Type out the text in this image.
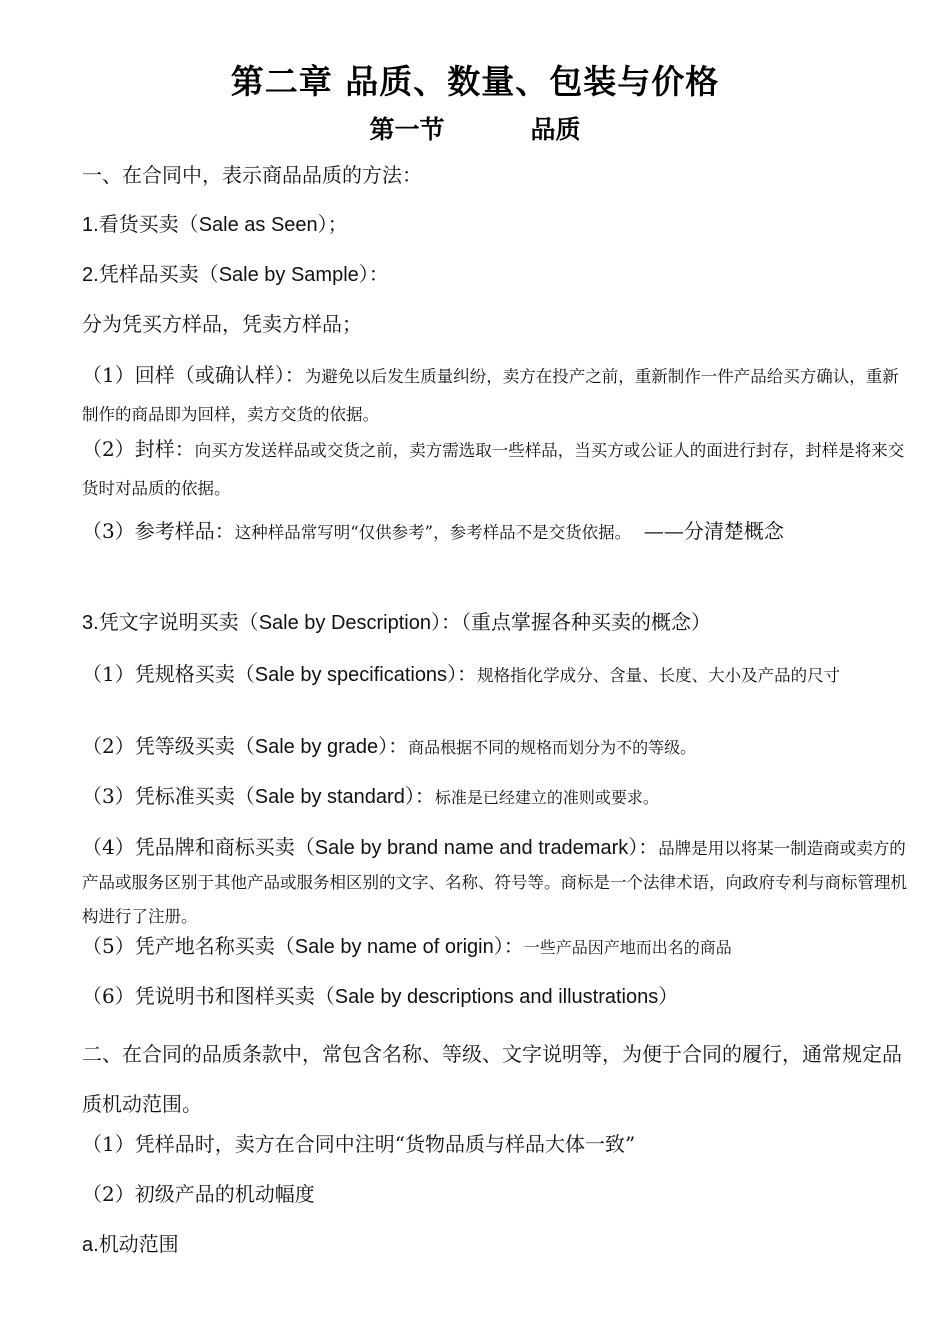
第二章 品质、数量、包装与价格
第一节	品质
一、在合同中，表示商品品质的方法：
1.看货买卖（Sale as Seen）；
2.凭样品买卖（Sale by Sample）：
分为凭买方样品，凭卖方样品；
（1）回样（或确认样）：为避免以后发生质量纠纷，卖方在投产之前，重新制作一件产品给买方确认，重新制作的商品即为回样，卖方交货的依据。
（2）封样：向买方发送样品或交货之前，卖方需选取一些样品，当买方或公证人的面进行封存，封样是将来交货时对品质的依据。
（3）参考样品：这种样品常写明“仅供参考”，参考样品不是交货依据。 ——分清楚概念
3.凭文字说明买卖（Sale by Description）：（重点掌握各种买卖的概念）
（1）凭规格买卖（Sale by specifications）：规格指化学成分、含量、长度、大小及产品的尺寸
（2）凭等级买卖（Sale by grade）：商品根据不同的规格而划分为不的等级。
（3）凭标准买卖（Sale by standard）：标准是已经建立的准则或要求。
（4）凭品牌和商标买卖（Sale by brand name and trademark）：品牌是用以将某一制造商或卖方的产品或服务区别于其他产品或服务相区别的文字、名称、符号等。商标是一个法律术语，向政府专利与商标管理机构进行了注册。
（5）凭产地名称买卖（Sale by name of origin）：一些产品因产地而出名的商品
（6）凭说明书和图样买卖（Sale by descriptions and illustrations）
二、在合同的品质条款中，常包含名称、等级、文字说明等，为便于合同的履行，通常规定品质机动范围。
（1）凭样品时，卖方在合同中注明“货物品质与样品大体一致”
（2）初级产品的机动幅度
a.机动范围
